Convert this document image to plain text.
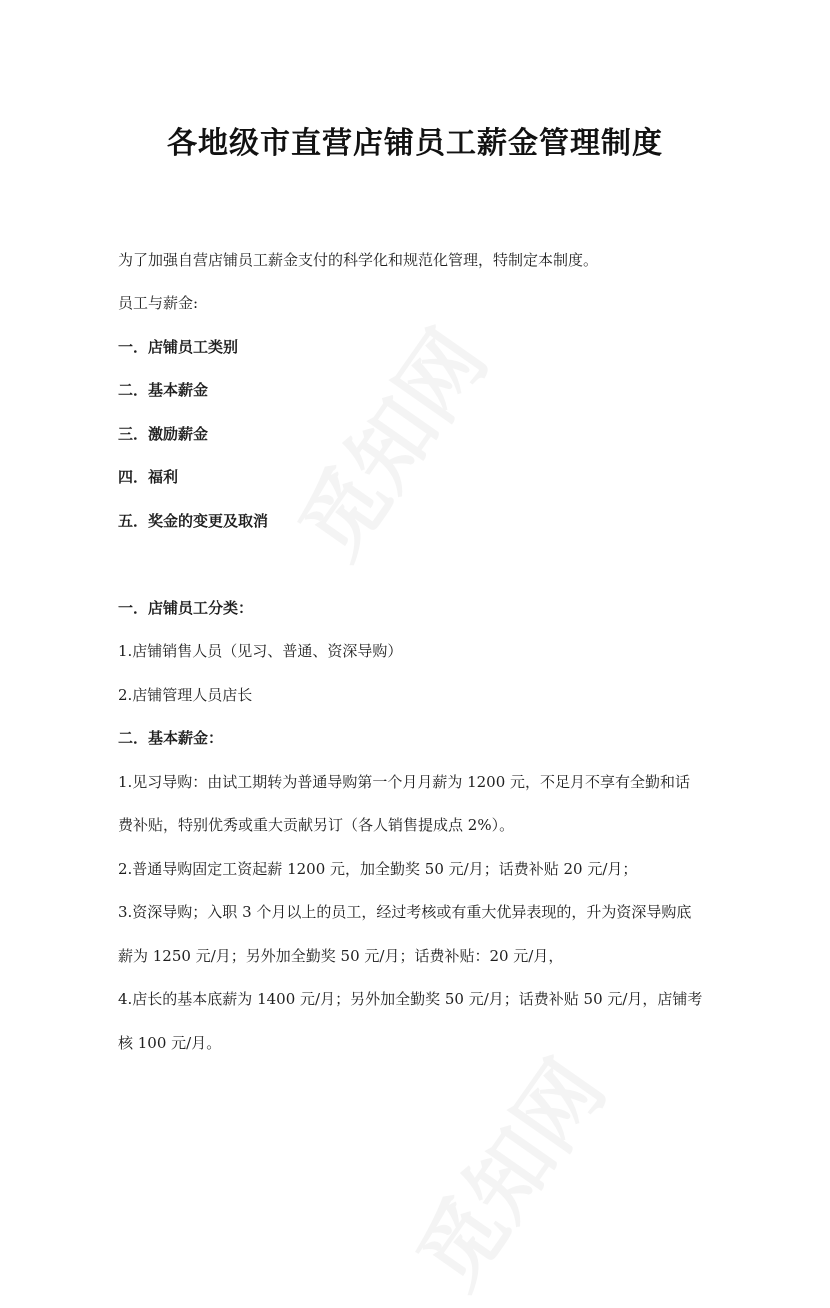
各地级市直营店铺员工薪金管理制度
为了加强自营店铺员工薪金支付的科学化和规范化管理，特制定本制度。
员工与薪金:
一．店铺员工类别
二．基本薪金
三．激励薪金
四．福利
五．奖金的变更及取消
一．店铺员工分类：
1.店铺销售人员（见习、普通、资深导购）
2.店铺管理人员店长
二．基本薪金：
1.见习导购：由试工期转为普通导购第一个月月薪为 1200 元，不足月不享有全勤和话
费补贴，特别优秀或重大贡献另订（各人销售提成点 2%）。
2.普通导购固定工资起薪 1200 元，加全勤奖 50 元/月；话费补贴 20 元/月；
3.资深导购；入职 3 个月以上的员工，经过考核或有重大优异表现的，升为资深导购底
薪为 1250 元/月；另外加全勤奖 50 元/月；话费补贴：20 元/月，
4.店长的基本底薪为 1400 元/月；另外加全勤奖 50 元/月；话费补贴 50 元/月，店铺考
核 100 元/月。
